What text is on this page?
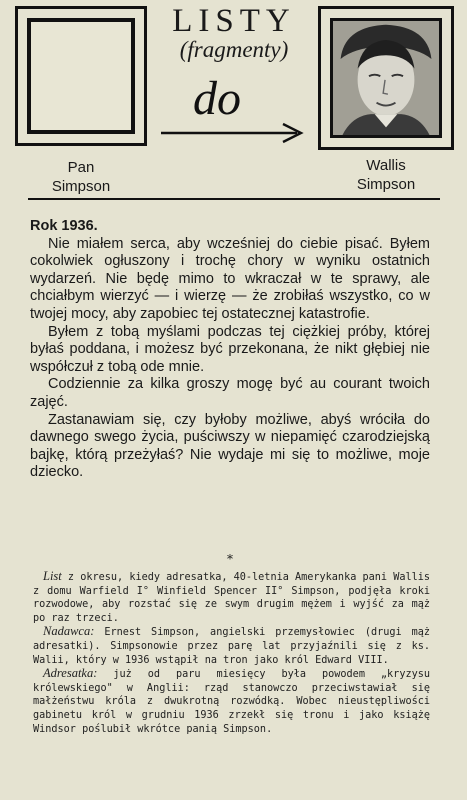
LISTY
(fragmenty)
do
Pan
Simpson
Wallis
Simpson

Rok 1936.

Nie miałem serca, aby wcześniej do ciebie pisać. Byłem cokolwiek ogłuszony i trochę chory w wyniku ostatnich wydarzeń. Nie będę mimo to wkraczał w te sprawy, ale chciałbym wierzyć — i wierzę — że zrobiłaś wszystko, co w twojej mocy, aby zapobiec tej ostatecznej katastrofie.

Byłem z tobą myślami podczas tej ciężkiej próby, której byłaś poddana, i możesz być przekonana, że nikt głębiej nie współczuł z tobą ode mnie.

Codziennie za kilka groszy mogę być au courant twoich zajęć.

Zastanawiam się, czy byłoby możliwe, abyś wróciła do dawnego swego życia, puściwszy w niepamięć czarodziejską bajkę, którą przeżyłaś? Nie wydaje mi się to możliwe, moje dziecko.

*

List z okresu, kiedy adresatka, 40-letnia Amerykanka pani Wallis z domu Warfield I° Winfield Spencer II° Simpson, podjęła kroki rozwodowe, aby rozstać się ze swym drugim mężem i wyjść za mąż po raz trzeci.

Nadawca: Ernest Simpson, angielski przemysłowiec (drugi mąż adresatki). Simpsonowie przez parę lat przyjaźnili się z ks. Walii, który w 1936 wstąpił na tron jako król Edward VIII.

Adresatka: już od paru miesięcy była powodem „kryzysu królewskiego" w Anglii: rząd stanowczo przeciwstawiał się małżeństwu króla z dwukrotną rozwódką. Wobec nieustępliwości gabinetu król w grudniu 1936 zrzekł się tronu i jako książę Windsor poślubił wkrótce panią Simpson.
